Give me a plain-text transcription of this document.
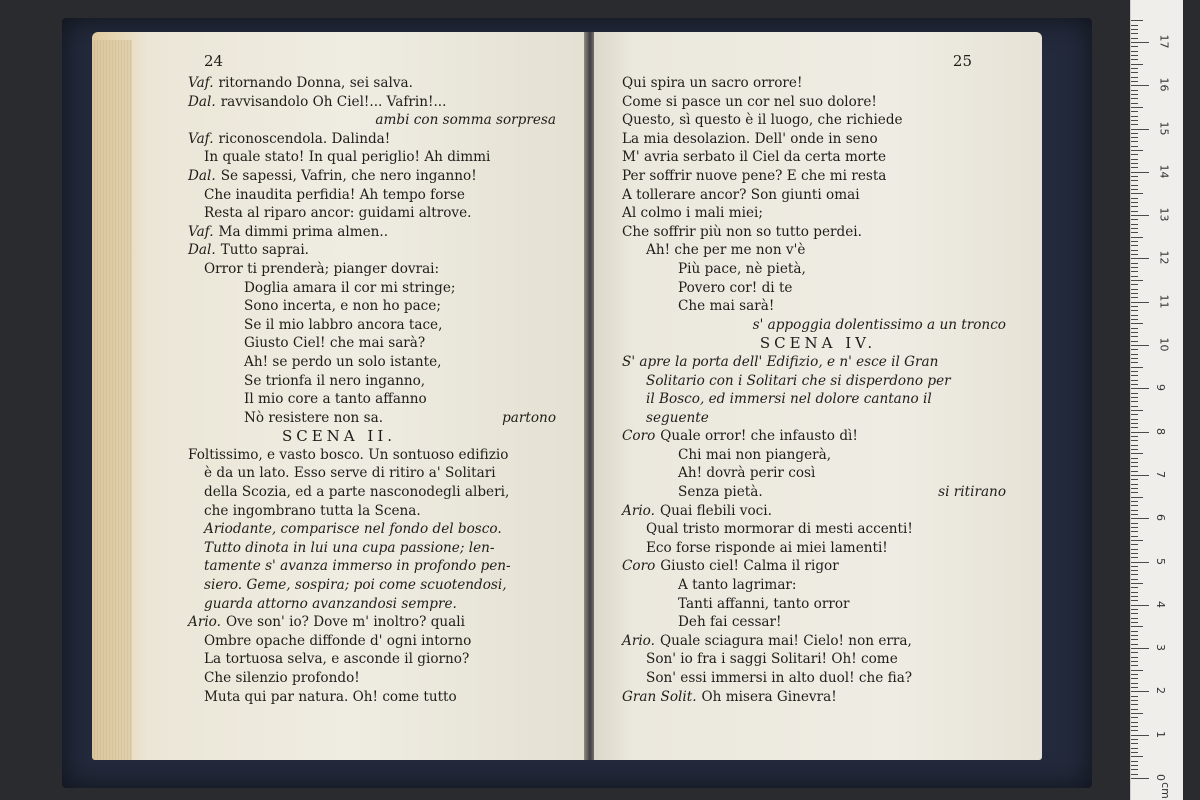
24
Vaf. ritornando Donna, sei salva.
Dal. ravvisandolo Oh Ciel!... Vafrin!...
ambi con somma sorpresa
Vaf. riconoscendola. Dalinda!
In quale stato! In qual periglio! Ah dimmi
Dal. Se sapessi, Vafrin, che nero inganno!
Che inaudita perfidia! Ah tempo forse
Resta al riparo ancor: guidami altrove.
Vaf. Ma dimmi prima almen..
Dal. Tutto saprai.
Orror ti prenderà; pianger dovrai:
Doglia amara il cor mi stringe;
Sono incerta, e non ho pace;
Se il mio labbro ancora tace,
Giusto Ciel! che mai sarà?
Ah! se perdo un solo istante,
Se trionfa il nero inganno,
Il mio core a tanto affanno
Nò resistere non sa.	partono
SCENA II.
Foltissimo, e vasto bosco. Un sontuoso edifizio
è da un lato. Esso serve di ritiro a' Solitari
della Scozia, ed a parte nasconodegli alberi,
che ingombrano tutta la Scena.
Ariodante, comparisce nel fondo del bosco.
Tutto dinota in lui una cupa passione; len-
tamente s' avanza immerso in profondo pen-
siero. Geme, sospira; poi come scuotendosi,
guarda attorno avanzandosi sempre.
Ario. Ove son' io? Dove m' inoltro? quali
Ombre opache diffonde d' ogni intorno
La tortuosa selva, e asconde il giorno?
Che silenzio profondo!
Muta qui par natura. Oh! come tutto
25
Qui spira un sacro orrore!
Come si pasce un cor nel suo dolore!
Questo, sì questo è il luogo, che richiede
La mia desolazion. Dell' onde in seno
M' avria serbato il Ciel da certa morte
Per soffrir nuove pene? E che mi resta
A tollerare ancor? Son giunti omai
Al colmo i mali miei;
Che soffrir più non so tutto perdei.
Ah! che per me non v'è
Più pace, nè pietà,
Povero cor! di te
Che mai sarà!
s' appoggia dolentissimo a un tronco
SCENA IV.
S' apre la porta dell' Edifizio, e n' esce il Gran
Solitario con i Solitari che si disperdono per
il Bosco, ed immersi nel dolore cantano il
seguente
Coro Quale orror! che infausto dì!
Chi mai non piangerà,
Ah! dovrà perir così
Senza pietà.	si ritirano
Ario. Quai flebili voci.
Qual tristo mormorar di mesti accenti!
Eco forse risponde ai miei lamenti!
Coro Giusto ciel! Calma il rigor
A tanto lagrimar:
Tanti affanni, tanto orror
Deh fai cessar!
Ario. Quale sciagura mai! Cielo! non erra,
Son' io fra i saggi Solitari! Oh! come
Son' essi immersi in alto duol! che fia?
Gran Solit. Oh misera Ginevra!
0
1
2
3
4
5
6
7
8
9
10
11
12
13
14
15
16
17
cm
